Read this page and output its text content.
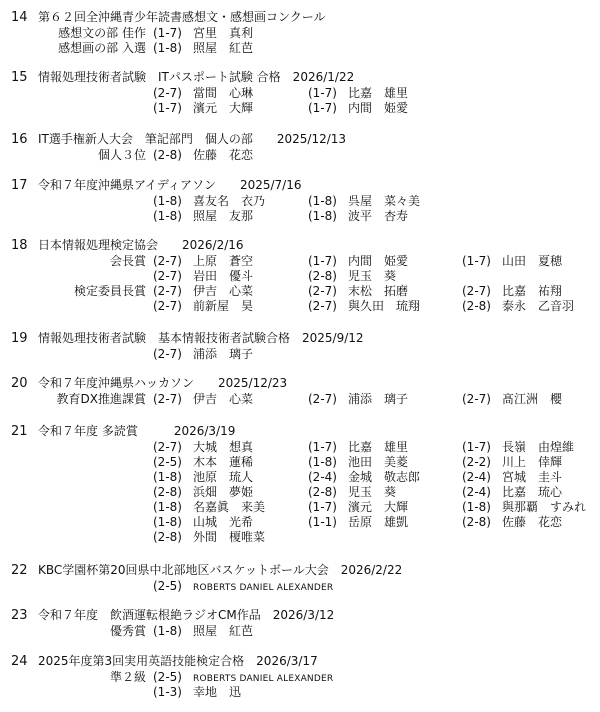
14 第６２回全沖縄青少年読書感想文・感想画コンクール
感想文の部 佳作 (1-7) 宮里　真利
感想画の部 入選 (1-8) 照屋　紅芭
15 情報処理技術者試験　ITパスポート試験 合格　2026/1/22
(2-7) 當間　心琳	(1-7) 比嘉　雄里
(1-7) 濱元　大輝	(1-7) 内間　姫愛
16 IT選手権新人大会　筆記部門　個人の部　　2025/12/13
個人３位 (2-8) 佐藤　花恋
17 令和７年度沖縄県アイディアソン　　2025/7/16
(1-8) 喜友名　衣乃	(1-8) 呉屋　菜々美
(1-8) 照屋　友那	(1-8) 波平　杏寿
18 日本情報処理検定協会　　2026/2/16
会長賞 (2-7) 上原　蒼空	(1-7) 内間　姫愛	(1-7) 山田　夏穂
(2-7) 岩田　優斗	(2-8) 児玉　葵
検定委員長賞 (2-7) 伊吉　心菜	(2-7) 末松　拓磨	(2-7) 比嘉　祐翔
(2-7) 前新屋　昊	(2-7) 與久田　琉翔	(2-8) 泰永　乙音羽
19 情報処理技術者試験　基本情報技術者試験合格　2025/9/12
(2-7) 浦添　璃子
20 令和７年度沖縄県ハッカソン　　2025/12/23
教育DX推進課賞 (2-7) 伊吉　心菜	(2-7) 浦添　璃子	(2-7) 髙江洲　櫻
21 令和７年度 多読賞　　　2026/3/19
(2-7) 大城　想真	(1-7) 比嘉　雄里	(1-7) 長嶺　由煌維
(2-5) 木本　蓮稀	(1-8) 池田　美菱	(2-2) 川上　倖輝
(1-8) 池原　琉人	(2-4) 金城　敬志郎	(2-4) 宮城　圭斗
(2-8) 浜畑　夢姫	(2-8) 児玉　葵	(2-4) 比嘉　琉心
(1-8) 名嘉眞　来美	(1-7) 濱元　大輝	(1-8) 與那覇　すみれ
(1-8) 山城　光希	(1-1) 岳原　雄凱	(2-8) 佐藤　花恋
(2-8) 外間　榎唯菜
22 KBC学園杯第20回県中北部地区バスケットボール大会　2026/2/22
(2-5) ROBERTS DANIEL ALEXANDER
23 令和７年度　飲酒運転根絶ラジオCM作品　2026/3/12
優秀賞 (1-8) 照屋　紅芭
24 2025年度第3回実用英語技能検定合格　2026/3/17
準２級 (2-5) ROBERTS DANIEL ALEXANDER
(1-3) 幸地　迅
